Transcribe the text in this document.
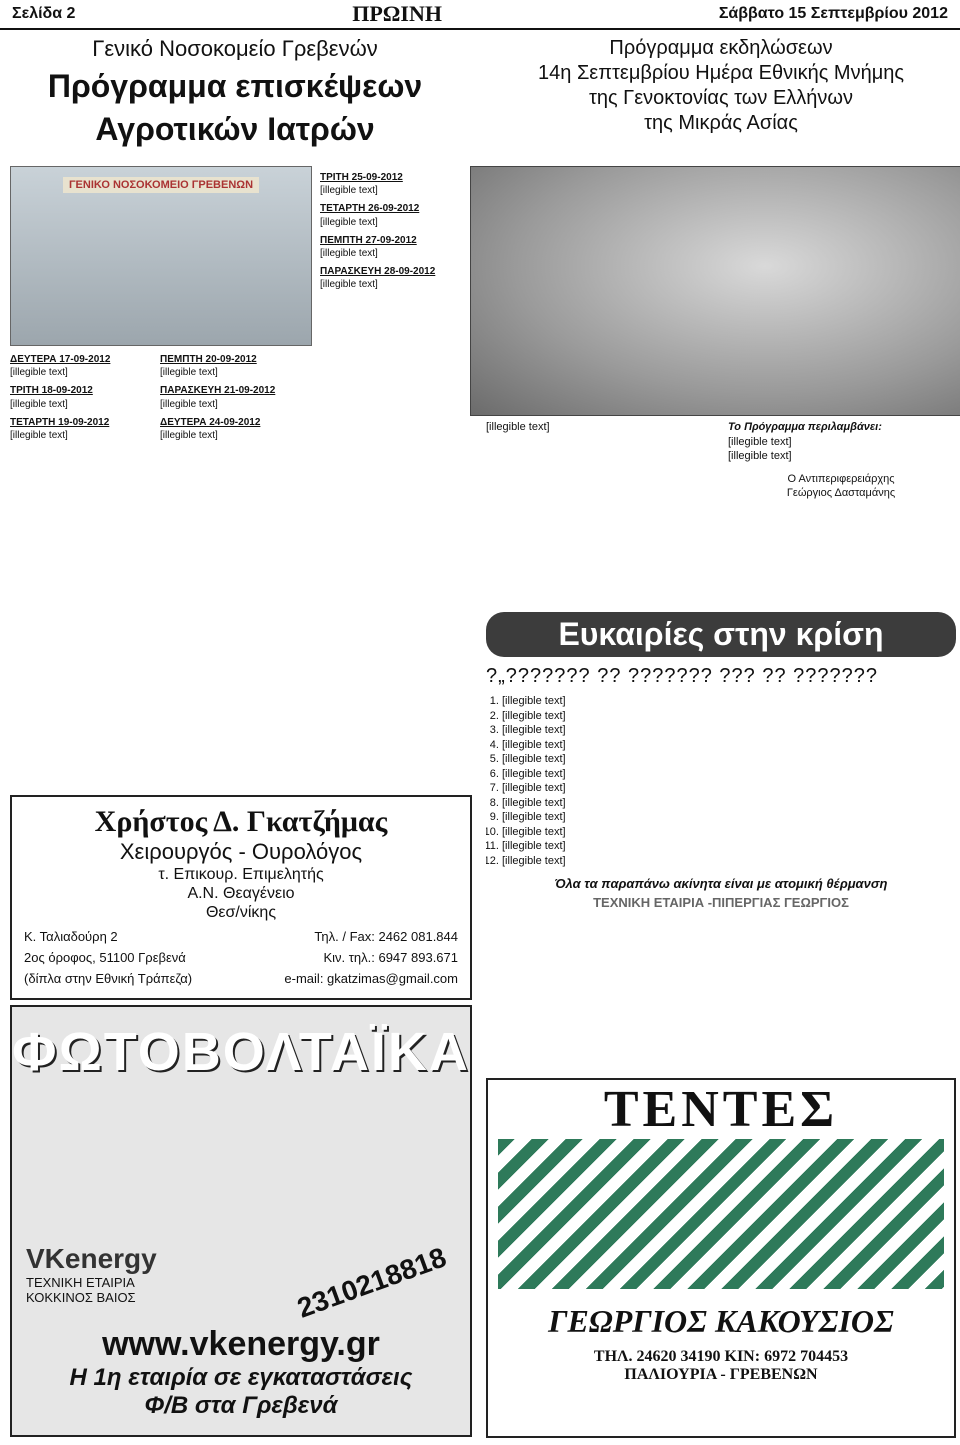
Σελίδα 2	ΠΡΩΙΝΗ	Σάββατο 15 Σεπτεμβρίου 2012
Γενικό Νοσοκομείο Γρεβενών
Πρόγραμμα επισκέψεων
Αγροτικών Ιατρών
Πρόγραμμα εκδηλώσεων
14η Σεπτεμβρίου Ημέρα Εθνικής Μνήμης
της Γενοκτονίας των Ελλήνων
της Μικράς Ασίας
ΓΕΝΙΚΟ ΝΟΣΟΚΟΜΕΙΟ ΓΡΕΒΕΝΩΝ
ΔΕΥΤΕΡΑ 17-09-2012

[illegible text]

ΤΡΙΤΗ 18-09-2012

[illegible text]

ΤΕΤΑΡΤΗ 19-09-2012

[illegible text]

ΠΕΜΠΤΗ 20-09-2012

[illegible text]

ΠΑΡΑΣΚΕΥΗ 21-09-2012

[illegible text]

ΔΕΥΤΕΡΑ 24-09-2012

[illegible text]

ΤΡΙΤΗ 25-09-2012

[illegible text]

ΤΕΤΑΡΤΗ 26-09-2012

[illegible text]

ΠΕΜΠΤΗ 27-09-2012

[illegible text]

ΠΑΡΑΣΚΕΥΗ 28-09-2012

[illegible text]

[illegible text]	Το Πρόγραμμα περιλαμβάνει:

[illegible text]

[illegible text]

Ο Αντιπεριφερειάρχης

Γεώργιος Δασταμάνης

Ευκαιρίες στην κρίση
?„??????? ?? ??????? ??? ?? ???????
1. [illegible text]
2. [illegible text]
3. [illegible text]
4. [illegible text]
5. [illegible text]
6. [illegible text]
7. [illegible text]
8. [illegible text]
9. [illegible text]
10. [illegible text]
11. [illegible text]
12. [illegible text]
Όλα τα παραπάνω ακίνητα είναι με ατομική θέρμανση
ΤΕΧΝΙΚΗ ΕΤΑΙΡΙΑ -ΠΙΠΕΡΓΙΑΣ ΓΕΩΡΓΙΟΣ
Χρήστος Δ. Γκατζήμας
Χειρουργός - Ουρολόγος
τ. Επικουρ. Επιμελητής
Α.Ν. Θεαγένειο
Θεσ/νίκης
Κ. Ταλιαδούρη 2	Τηλ. / Fax: 2462 081.844
2ος όροφος, 51100 Γρεβενά	Κιν. τηλ.: 6947 893.671
(δίπλα στην Εθνική Τράπεζα)	e-mail: gkatzimas@gmail.com
ΦΩΤΟΒΟΛΤΑΪΚΑ
VKenergy	2310218818
ΤΕΧΝΙΚΗ ΕΤΑΙΡΙΑ
ΚΟΚΚΙΝΟΣ ΒΑΙΟΣ
www.vkenergy.gr
Η 1η εταιρία σε εγκαταστάσεις
Φ/Β στα Γρεβενά
ΤΕΝΤΕΣ
ΓΕΩΡΓΙΟΣ ΚΑΚΟΥΣΙΟΣ
ΤΗΛ. 24620 34190 ΚΙΝ: 6972 704453
ΠΑΛΙΟΥΡΙΑ - ΓΡΕΒΕΝΩΝ
